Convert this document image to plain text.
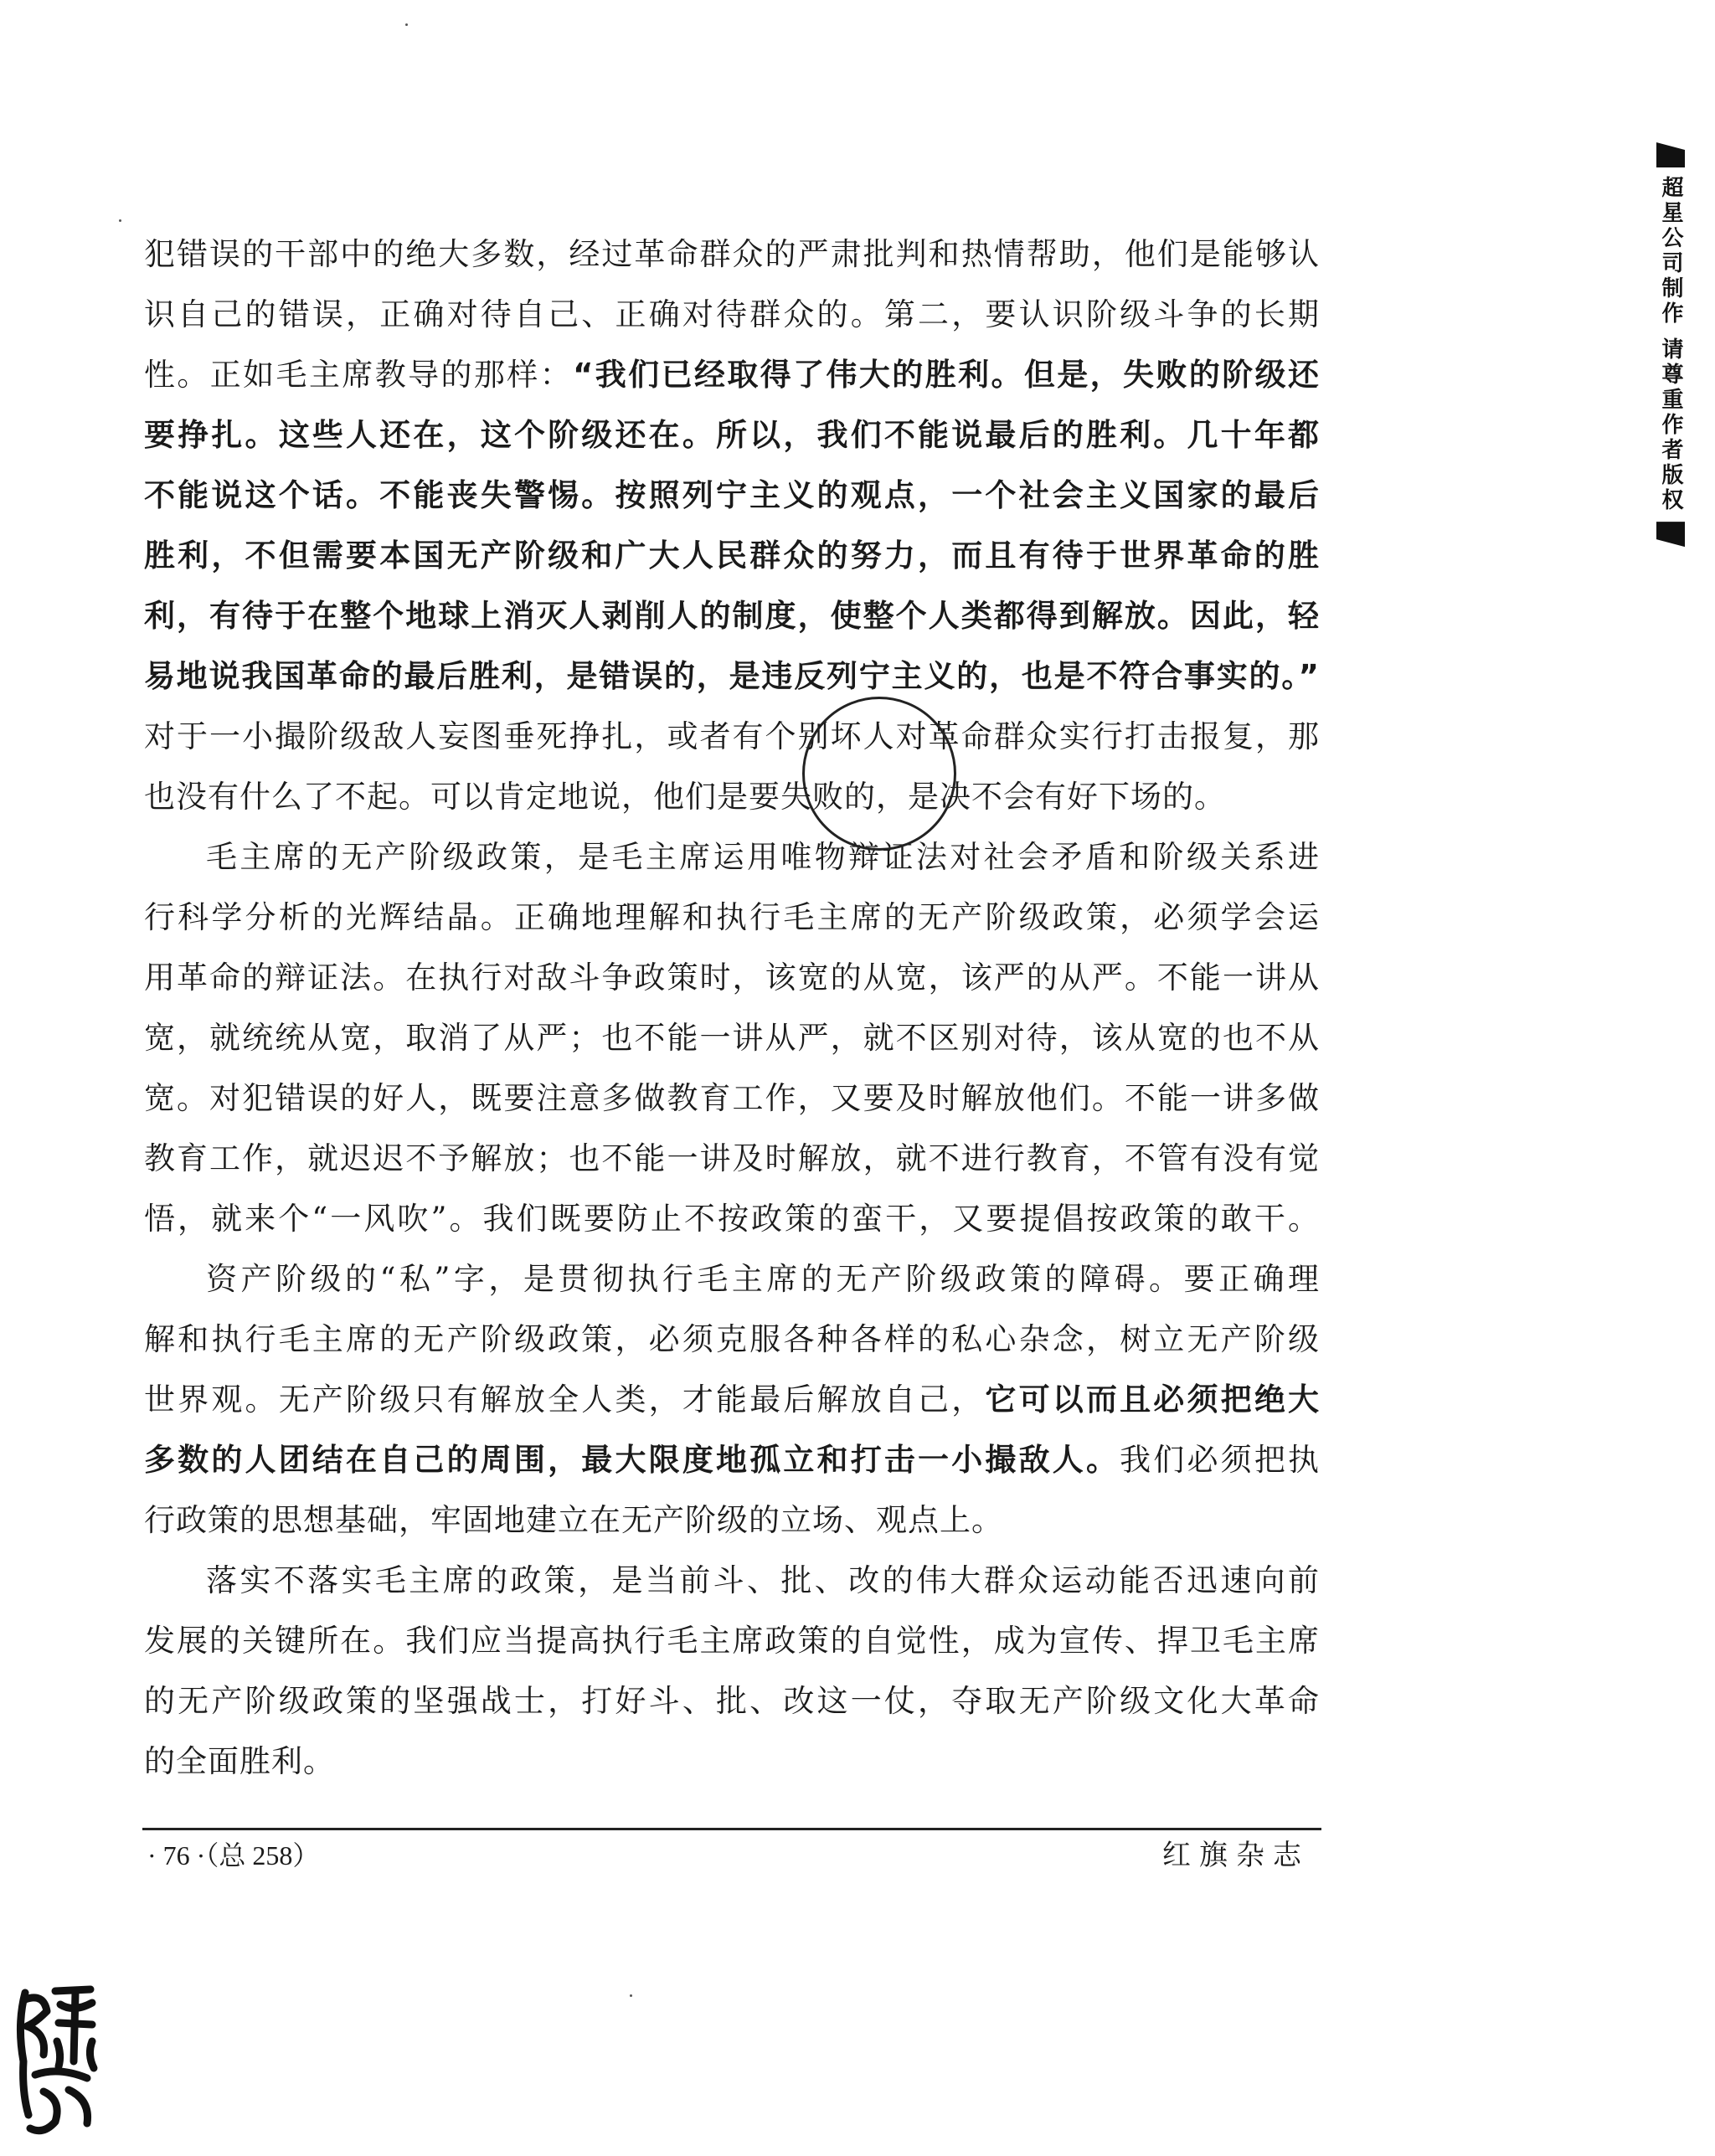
犯错误的干部中的绝大多数，经过革命群众的严肃批判和热情帮助，他们是能够认
识自己的错误，正确对待自己、正确对待群众的。第二，要认识阶级斗争的长期
性。正如毛主席教导的那样：“我们已经取得了伟大的胜利。但是，失败的阶级还
要挣扎。这些人还在，这个阶级还在。所以，我们不能说最后的胜利。几十年都
不能说这个话。不能丧失警惕。按照列宁主义的观点，一个社会主义国家的最后
胜利，不但需要本国无产阶级和广大人民群众的努力，而且有待于世界革命的胜
利，有待于在整个地球上消灭人剥削人的制度，使整个人类都得到解放。因此，轻
易地说我国革命的最后胜利，是错误的，是违反列宁主义的，也是不符合事实的。”
对于一小撮阶级敌人妄图垂死挣扎，或者有个别坏人对革命群众实行打击报复，那
也没有什么了不起。可以肯定地说，他们是要失败的，是决不会有好下场的。
毛主席的无产阶级政策，是毛主席运用唯物辩证法对社会矛盾和阶级关系进
行科学分析的光辉结晶。正确地理解和执行毛主席的无产阶级政策，必须学会运
用革命的辩证法。在执行对敌斗争政策时，该宽的从宽，该严的从严。不能一讲从
宽，就统统从宽，取消了从严；也不能一讲从严，就不区别对待，该从宽的也不从
宽。对犯错误的好人，既要注意多做教育工作，又要及时解放他们。不能一讲多做
教育工作，就迟迟不予解放；也不能一讲及时解放，就不进行教育，不管有没有觉
悟，就来个“一风吹”。我们既要防止不按政策的蛮干，又要提倡按政策的敢干。
资产阶级的“私”字，是贯彻执行毛主席的无产阶级政策的障碍。要正确理
解和执行毛主席的无产阶级政策，必须克服各种各样的私心杂念，树立无产阶级
世界观。无产阶级只有解放全人类，才能最后解放自己，它可以而且必须把绝大
多数的人团结在自己的周围，最大限度地孤立和打击一小撮敌人。我们必须把执
行政策的思想基础，牢固地建立在无产阶级的立场、观点上。
落实不落实毛主席的政策，是当前斗、批、改的伟大群众运动能否迅速向前
发展的关键所在。我们应当提高执行毛主席政策的自觉性，成为宣传、捍卫毛主席
的无产阶级政策的坚强战士，打好斗、批、改这一仗，夺取无产阶级文化大革命
的全面胜利。
· 76 ·（总 258）	红旗杂志
超星公司制作 请尊重作者版权
